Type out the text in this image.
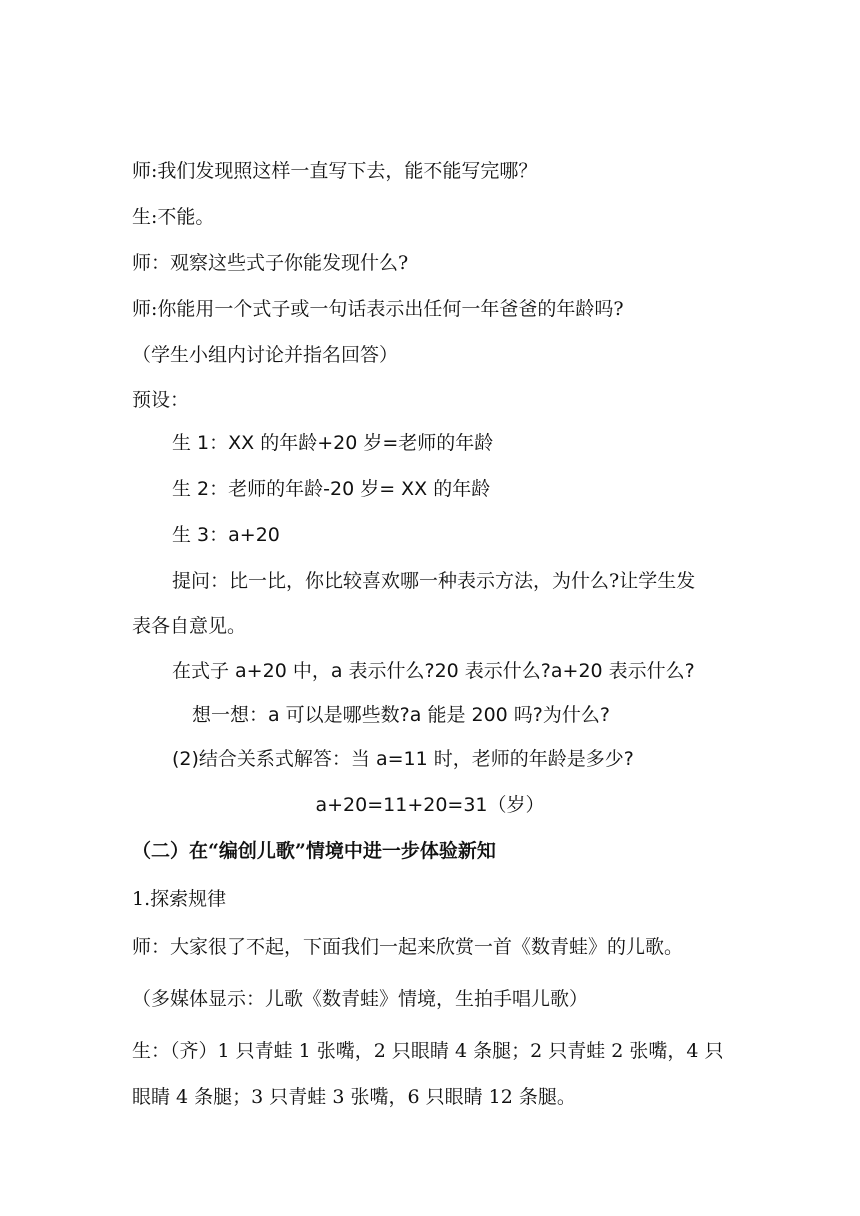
师:我们发现照这样一直写下去，能不能写完哪？
生:不能。
师：观察这些式子你能发现什么?
师:你能用一个式子或一句话表示出任何一年爸爸的年龄吗?
（学生小组内讨论并指名回答）
预设：
生 1：XX 的年龄+20 岁=老师的年龄
生 2：老师的年龄-20 岁= XX 的年龄
生 3：a+20
提问：比一比，你比较喜欢哪一种表示方法，为什么?让学生发
表各自意见。
在式子 a+20 中，a 表示什么?20 表示什么?a+20 表示什么?
想一想：a 可以是哪些数?a 能是 200 吗?为什么?
(2)结合关系式解答：当 a=11 时，老师的年龄是多少?
a+20=11+20=31（岁）
（二）在“编创儿歌”情境中进一步体验新知
1.探索规律
师：大家很了不起，下面我们一起来欣赏一首《数青蛙》的儿歌。
（多媒体显示：儿歌《数青蛙》情境，生拍手唱儿歌）
生：（齐）1 只青蛙 1 张嘴，2 只眼睛 4 条腿；2 只青蛙 2 张嘴，4 只
眼睛 4 条腿；3 只青蛙 3 张嘴，6 只眼睛 12 条腿。
